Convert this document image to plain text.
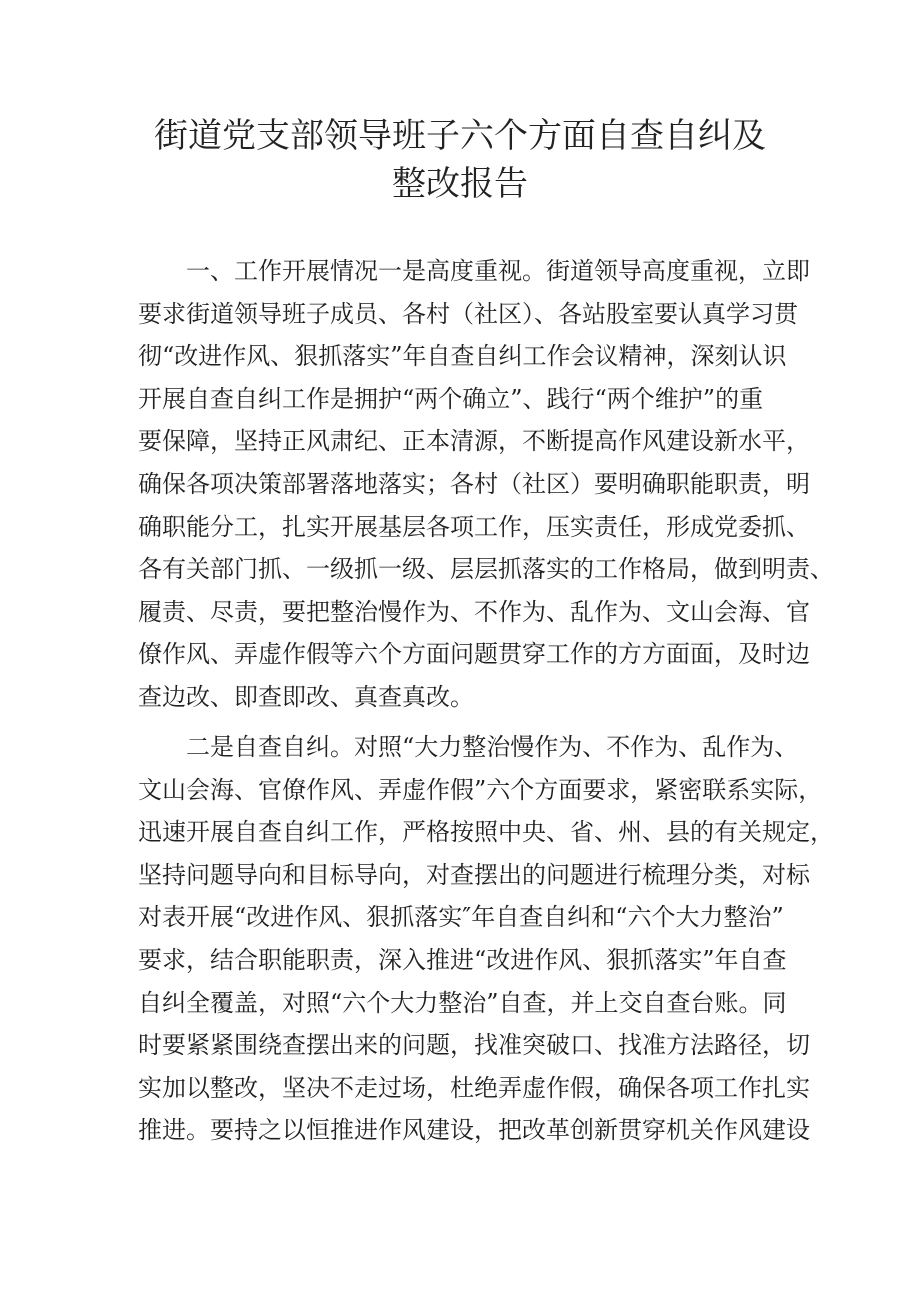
街道党支部领导班子六个方面自查自纠及
整改报告
一、工作开展情况一是高度重视。街道领导高度重视，立即
要求街道领导班子成员、各村（社区）、各站股室要认真学习贯
彻“改进作风、狠抓落实”年自查自纠工作会议精神，深刻认识
开展自查自纠工作是拥护“两个确立”、践行“两个维护”的重
要保障，坚持正风肃纪、正本清源，不断提高作风建设新水平，
确保各项决策部署落地落实；各村（社区）要明确职能职责，明
确职能分工，扎实开展基层各项工作，压实责任，形成党委抓、
各有关部门抓、一级抓一级、层层抓落实的工作格局，做到明责、
履责、尽责，要把整治慢作为、不作为、乱作为、文山会海、官
僚作风、弄虚作假等六个方面问题贯穿工作的方方面面，及时边
查边改、即查即改、真查真改。
二是自查自纠。对照“大力整治慢作为、不作为、乱作为、
文山会海、官僚作风、弄虚作假”六个方面要求，紧密联系实际，
迅速开展自查自纠工作，严格按照中央、省、州、县的有关规定，
坚持问题导向和目标导向，对查摆出的问题进行梳理分类，对标
对表开展“改进作风、狠抓落实″年自查自纠和“六个大力整治”
要求，结合职能职责，深入推进“改进作风、狠抓落实”年自查
自纠全覆盖，对照“六个大力整治”自查，并上交自查台账。同
时要紧紧围绕查摆出来的问题，找准突破口、找准方法路径，切
实加以整改，坚决不走过场，杜绝弄虚作假，确保各项工作扎实
推进。要持之以恒推进作风建设，把改革创新贯穿机关作风建设
